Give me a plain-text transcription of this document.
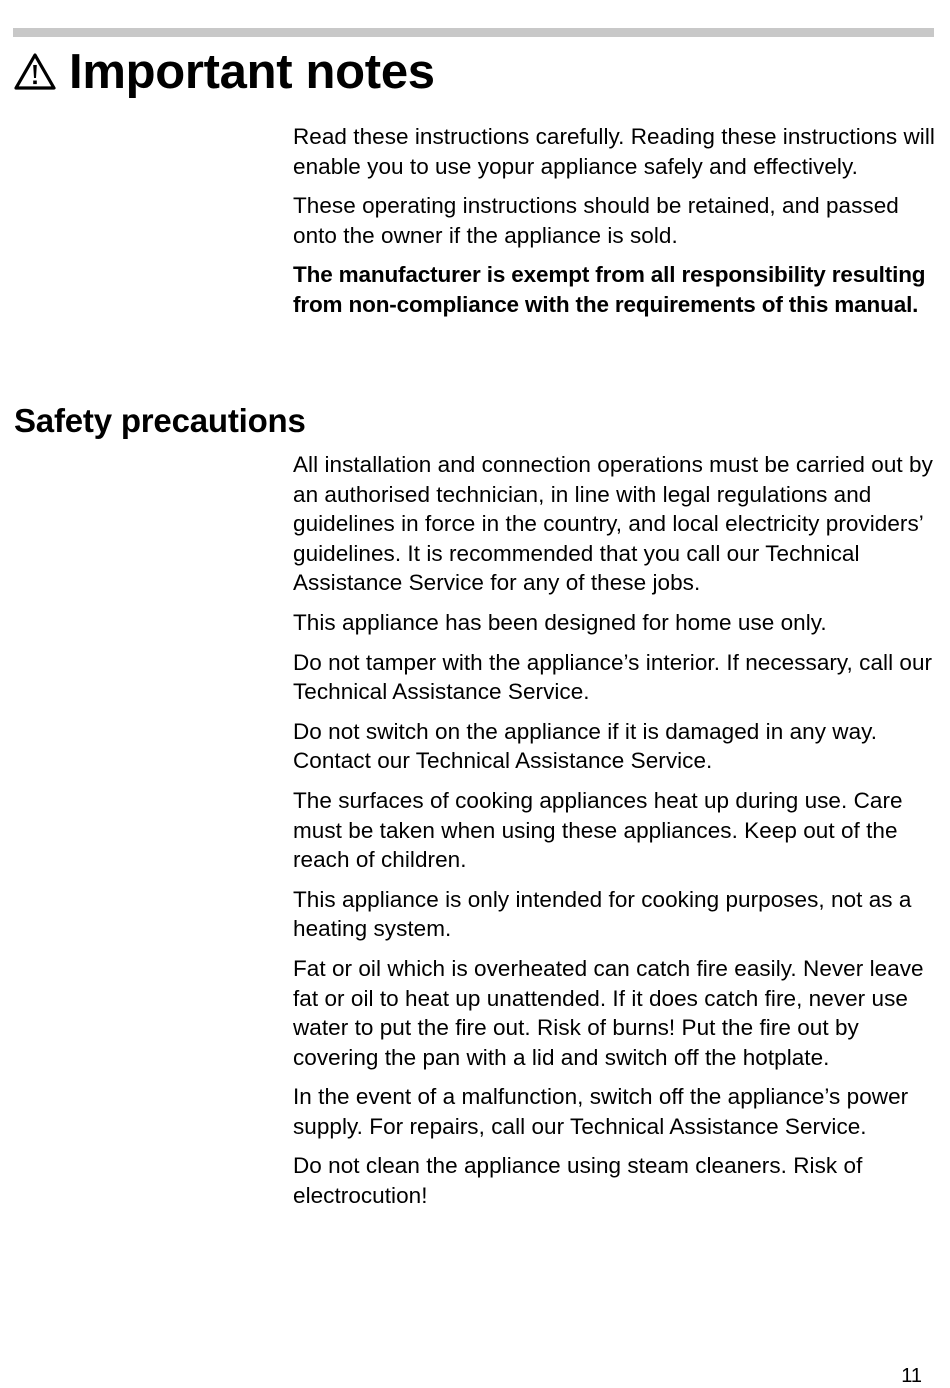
Important notes

Read these instructions carefully. Reading these instructions will enable you to use yopur appliance safely and effectively.

These operating instructions should be retained, and passed onto the owner if the appliance is sold.

The manufacturer is exempt from all responsibility resulting from non-compliance with the requirements of this manual.

Safety precautions

All installation and connection operations must be carried out by an authorised technician, in line with legal regulations and guidelines in force in the country, and local electricity providers’ guidelines. It is recommended that you call our Technical Assistance Service for any of these jobs.

This appliance has been designed for home use only.

Do not tamper with the appliance’s interior. If necessary, call our Technical Assistance Service.

Do not switch on the appliance if it is damaged in any way. Contact our Technical Assistance Service.

The surfaces of cooking appliances heat up during use. Care must be taken when using these appliances. Keep out of the reach of children.

This appliance is only intended for cooking purposes, not as a heating system.

Fat or oil which is overheated can catch fire easily. Never leave fat or oil to heat up unattended. If it does catch fire, never use water to put the fire out. Risk of burns! Put the fire out by covering the pan with a lid and switch off the hotplate.

In the event of a malfunction, switch off the appliance’s power supply. For repairs, call our Technical Assistance Service.

Do not clean the appliance using steam cleaners. Risk of electrocution!

11
